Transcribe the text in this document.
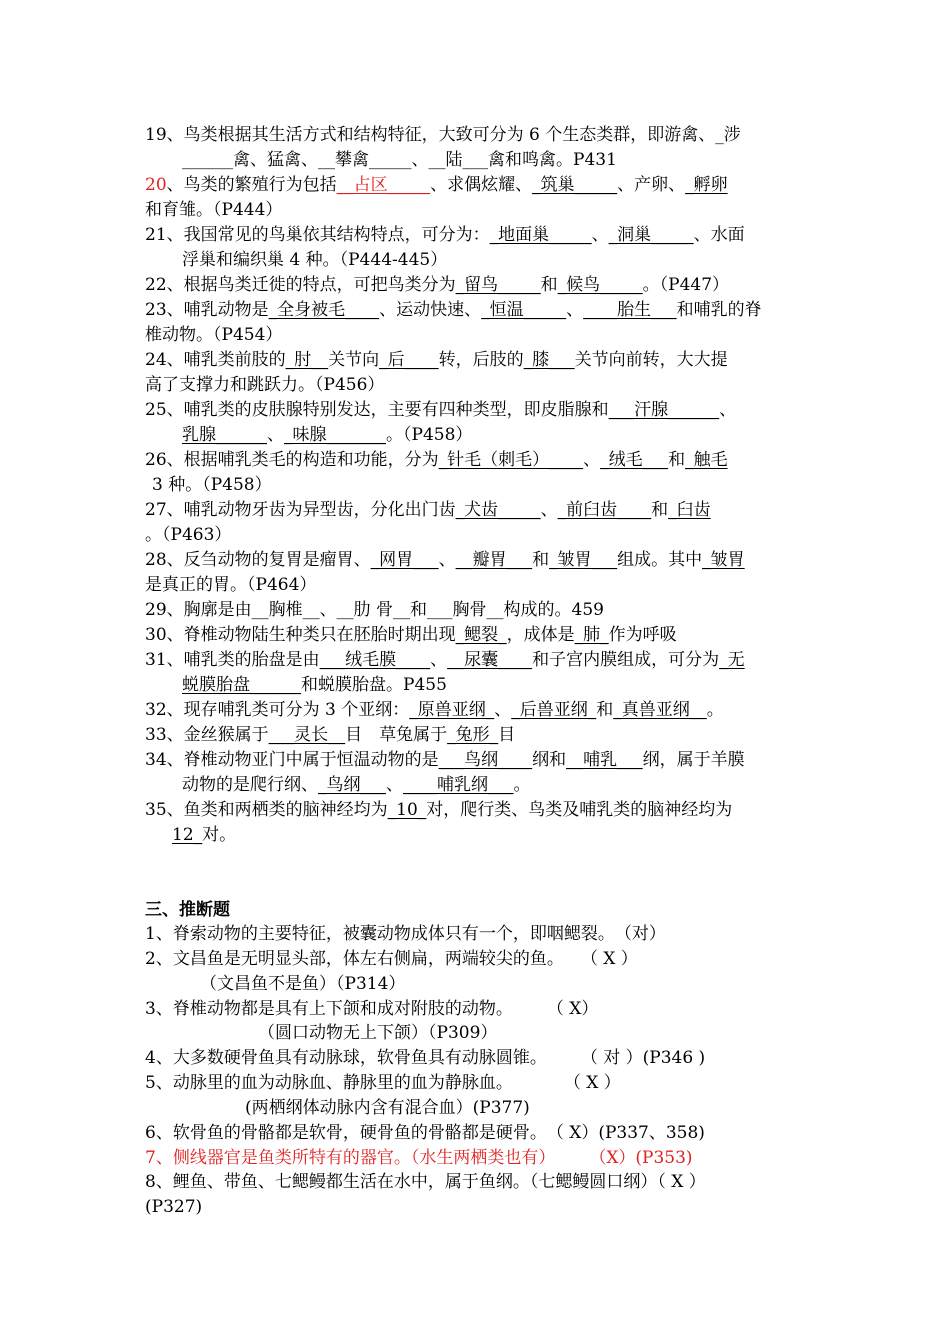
19、鸟类根据其生活方式和结构特征，大致可分为 6 个生态类群，即游禽、_涉
______禽、猛禽、__攀禽_____、__陆___禽和鸣禽。P431
20、鸟类的繁殖行为包括__占区_____、求偶炫耀、_筑巢_____、产卵、_孵卵
和育雏。（P444）
21、我国常见的鸟巢依其结构特点，可分为：_地面巢_____、_洞巢_____、水面
浮巢和编织巢 4 种。（P444-445）
22、根据鸟类迁徙的特点，可把鸟类分为_留鸟_____和_候鸟_____。（P447）
23、哺乳动物是_全身被毛____、运动快速、_恒温_____、____胎生___和哺乳的脊
椎动物。（P454）
24、哺乳类前肢的_肘__关节向_后____转，后肢的_膝___关节向前转，大大提
高了支撑力和跳跃力。（P456）
25、哺乳类的皮肤腺特别发达，主要有四种类型，即皮脂腺和___汗腺______、
乳腺______、_味腺_______。（P458）
26、根据哺乳类毛的构造和功能，分为_针毛（刺毛）____、_绒毛___和_触毛
3 种。（P458）
27、哺乳动物牙齿为异型齿，分化出门齿_犬齿_____、_前臼齿____和_臼齿
。（P463）
28、反刍动物的复胃是瘤胃、_网胃___、__瓣胃___和_皱胃___组成。其中_皱胃
是真正的胃。（P464）
29、胸廓是由__胸椎__、__肋 骨__和___胸骨__构成的。459
30、脊椎动物陆生种类只在胚胎时期出现_鳃裂_，成体是_肺_作为呼吸
31、哺乳类的胎盘是由___绒毛膜____、__尿囊____和子宫内膜组成，可分为_无
蜕膜胎盘______和蜕膜胎盘。P455
32、现存哺乳类可分为 3 个亚纲：_原兽亚纲_、_后兽亚纲_和_真兽亚纲__。
33、金丝猴属于___灵长__目　草兔属于_兔形_目
34、脊椎动物亚门中属于恒温动物的是___鸟纲____纲和__哺乳___纲，属于羊膜
动物的是爬行纲、_鸟纲___、____哺乳纲___。
35、鱼类和两栖类的脑神经均为_10_对，爬行类、鸟类及哺乳类的脑神经均为
12_对。
三、推断题
1、脊索动物的主要特征，被囊动物成体只有一个，即咽鳃裂。　（对）
2、文昌鱼是无明显头部，体左右侧扁，两端较尖的鱼。　　（ X ）
（文昌鱼不是鱼）（P314）
3、脊椎动物都是具有上下颌和成对附肢的动物。　　　（ X）
（圆口动物无上下颌）（P309）
4、大多数硬骨鱼具有动脉球，软骨鱼具有动脉圆锥。　　　（ 对 ）(P346 )
5、动脉里的血为动脉血、静脉里的血为静脉血。　　　　（ X ）
(两栖纲体动脉内含有混合血）(P377)
6、软骨鱼的骨骼都是软骨，硬骨鱼的骨骼都是硬骨。　（ X）(P337、358)
7、侧线器官是鱼类所特有的器官。（水生两栖类也有）　　　（X）(P353)
8、鲤鱼、带鱼、七鳃鳗都生活在水中，属于鱼纲。（七鳃鳗圆口纲）（ X ）
(P327)
